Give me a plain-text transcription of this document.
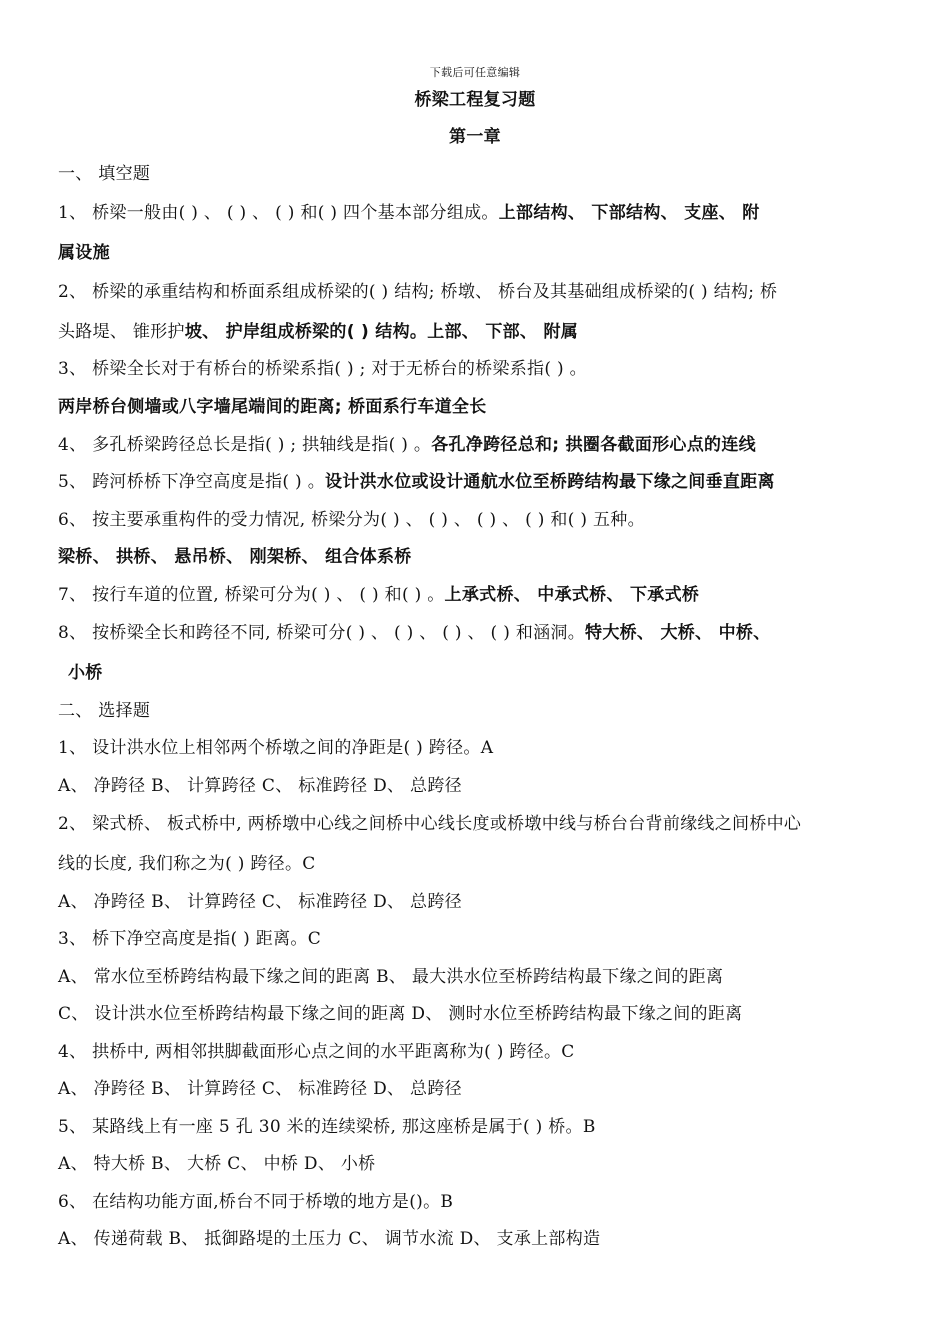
下载后可任意编辑
桥梁工程复习题
第一章
一、 填空题
1、 桥梁一般由( ) 、 ( ) 、 ( ) 和( ) 四个基本部分组成。上部结构、 下部结构、 支座、 附
属设施
2、 桥梁的承重结构和桥面系组成桥梁的( ) 结构; 桥墩、 桥台及其基础组成桥梁的( ) 结构; 桥
头路堤、 锥形护坡、 护岸组成桥梁的( ) 结构。上部、 下部、 附属
3、 桥梁全长对于有桥台的桥梁系指( ) ; 对于无桥台的桥梁系指( ) 。
两岸桥台侧墙或八字墙尾端间的距离; 桥面系行车道全长
4、 多孔桥梁跨径总长是指( ) ; 拱轴线是指( ) 。各孔净跨径总和; 拱圈各截面形心点的连线
5、 跨河桥桥下净空高度是指( ) 。设计洪水位或设计通航水位至桥跨结构最下缘之间垂直距离
6、 按主要承重构件的受力情况, 桥梁分为( ) 、 ( ) 、 ( ) 、 ( ) 和( ) 五种。
梁桥、 拱桥、 悬吊桥、 刚架桥、 组合体系桥
7、 按行车道的位置, 桥梁可分为( ) 、 ( ) 和( ) 。上承式桥、 中承式桥、 下承式桥
8、 按桥梁全长和跨径不同, 桥梁可分( ) 、 ( ) 、 ( ) 、 ( ) 和涵洞。特大桥、 大桥、 中桥、
小桥
二、 选择题
1、 设计洪水位上相邻两个桥墩之间的净距是( ) 跨径。A
A、 净跨径 B、 计算跨径 C、 标准跨径 D、 总跨径
2、 梁式桥、 板式桥中, 两桥墩中心线之间桥中心线长度或桥墩中线与桥台台背前缘线之间桥中心
线的长度, 我们称之为( ) 跨径。C
A、 净跨径 B、 计算跨径 C、 标准跨径 D、 总跨径
3、 桥下净空高度是指( ) 距离。C
A、 常水位至桥跨结构最下缘之间的距离 B、 最大洪水位至桥跨结构最下缘之间的距离
C、 设计洪水位至桥跨结构最下缘之间的距离 D、 测时水位至桥跨结构最下缘之间的距离
4、 拱桥中, 两相邻拱脚截面形心点之间的水平距离称为( ) 跨径。C
A、 净跨径 B、 计算跨径 C、 标准跨径 D、 总跨径
5、 某路线上有一座 5 孔 30 米的连续梁桥, 那这座桥是属于( ) 桥。B
A、 特大桥 B、 大桥 C、 中桥 D、 小桥
6、 在结构功能方面,桥台不同于桥墩的地方是()。B
A、 传递荷载 B、 抵御路堤的土压力 C、 调节水流 D、 支承上部构造
